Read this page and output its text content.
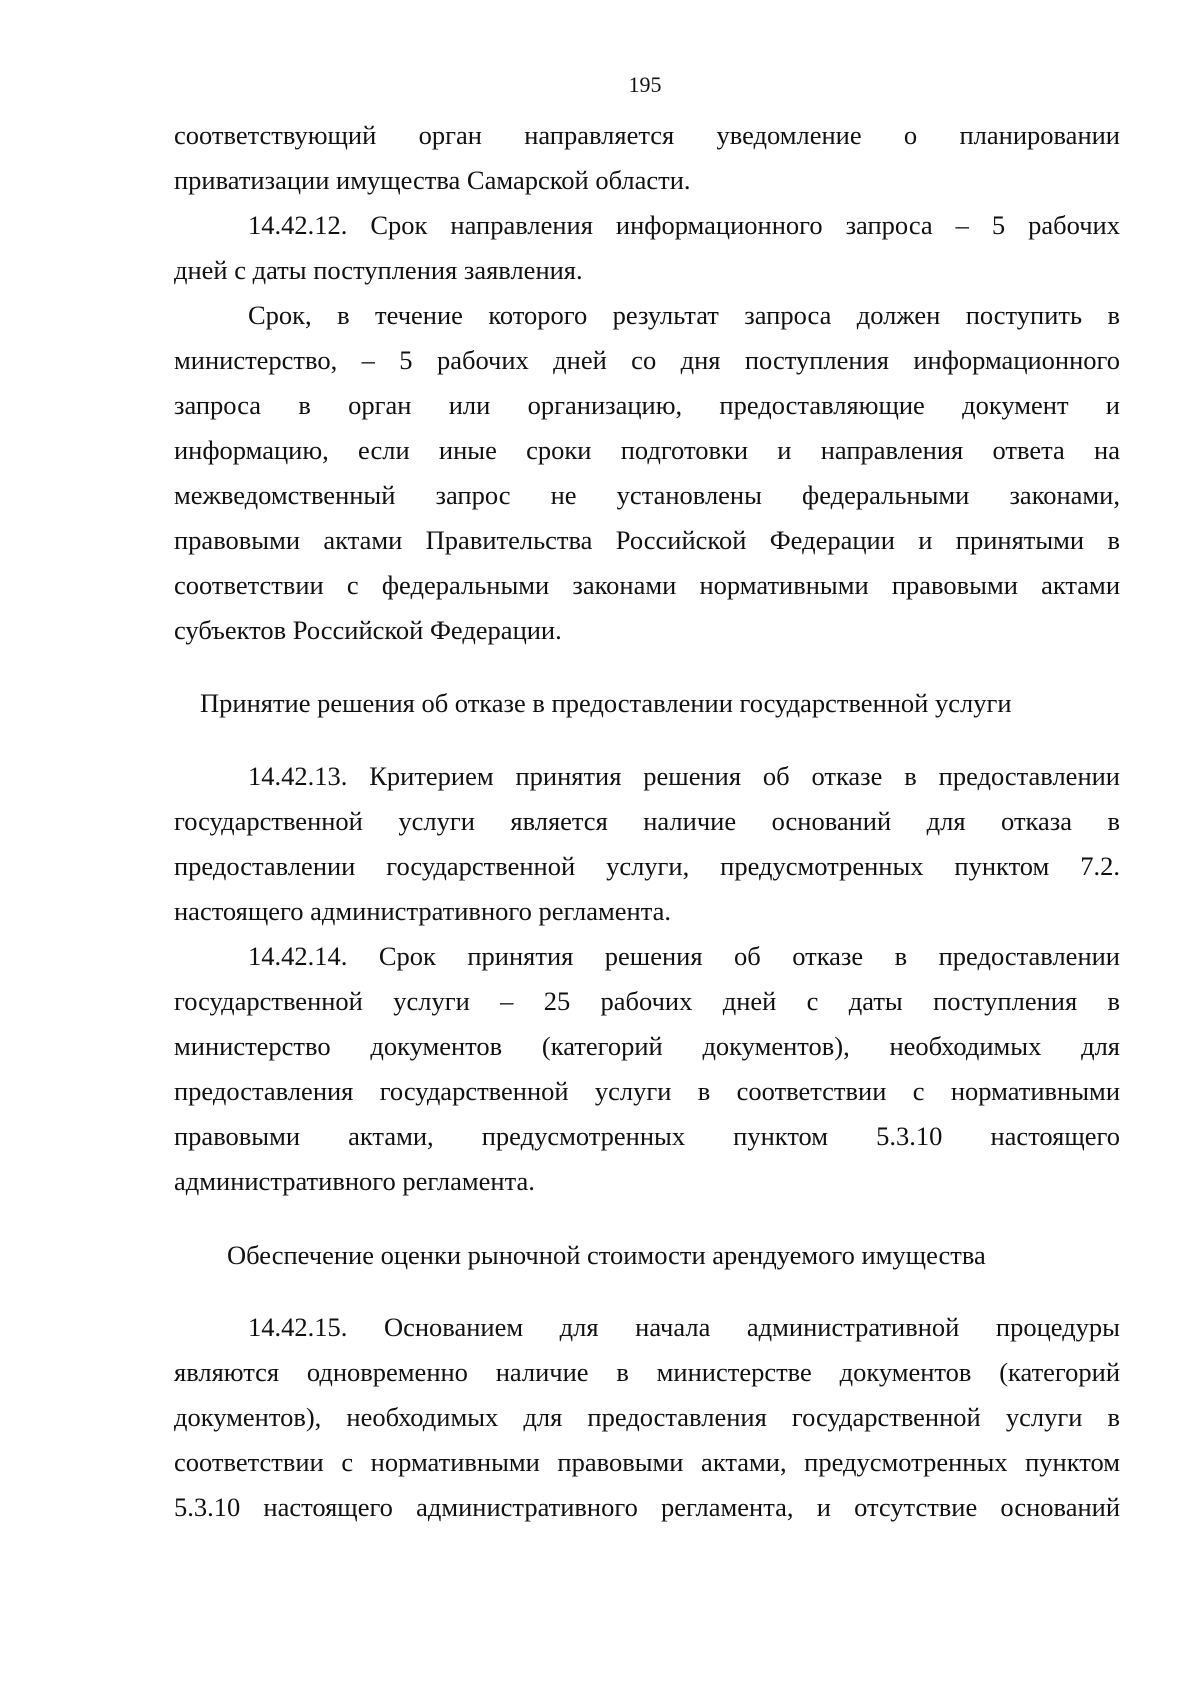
195
соответствующий орган направляется уведомление о планировании
приватизации имущества Самарской области.
14.42.12. Срок направления информационного запроса – 5 рабочих
дней с даты поступления заявления.
Срок, в течение которого результат запроса должен поступить в
министерство, – 5 рабочих дней со дня поступления информационного
запроса в орган или организацию, предоставляющие документ и
информацию, если иные сроки подготовки и направления ответа на
межведомственный запрос не установлены федеральными законами,
правовыми актами Правительства Российской Федерации и принятыми в
соответствии с федеральными законами нормативными правовыми актами
субъектов Российской Федерации.
Принятие решения об отказе в предоставлении государственной услуги
14.42.13. Критерием принятия решения об отказе в предоставлении
государственной услуги является наличие оснований для отказа в
предоставлении государственной услуги, предусмотренных пунктом 7.2.
настоящего административного регламента.
14.42.14. Срок принятия решения об отказе в предоставлении
государственной услуги – 25 рабочих дней с даты поступления в
министерство документов (категорий документов), необходимых для
предоставления государственной услуги в соответствии с нормативными
правовыми актами, предусмотренных пунктом 5.3.10 настоящего
административного регламента.
Обеспечение оценки рыночной стоимости арендуемого имущества
14.42.15. Основанием для начала административной процедуры
являются одновременно наличие в министерстве документов (категорий
документов), необходимых для предоставления государственной услуги в
соответствии с нормативными правовыми актами, предусмотренных пунктом
5.3.10 настоящего административного регламента, и отсутствие оснований
